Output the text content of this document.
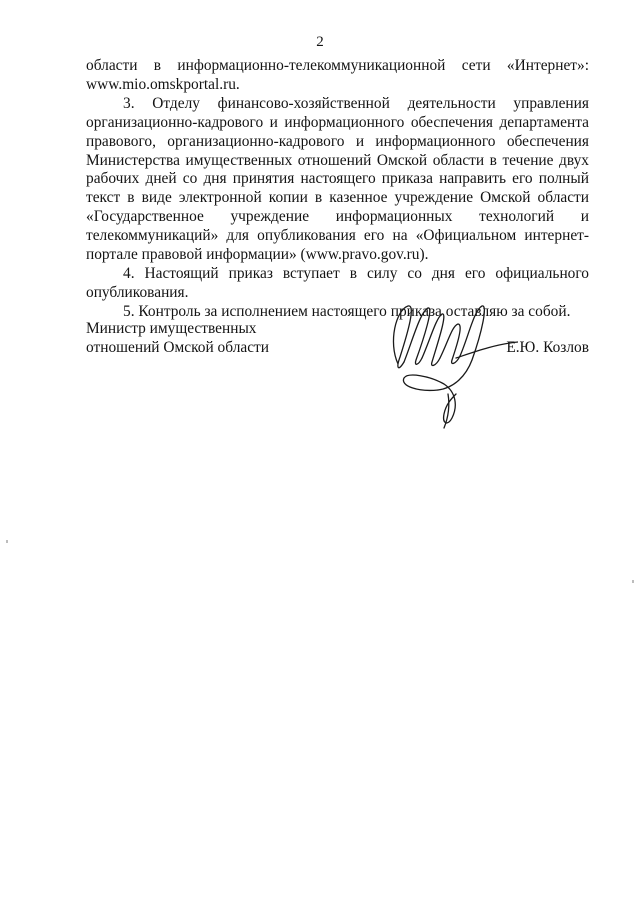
2

области в информационно-телекоммуникационной сети «Интернет»: www.mio.omskportal.ru.

3. Отделу финансово-хозяйственной деятельности управления организационно-кадрового и информационного обеспечения департамента правового, организационно-кадрового и информационного обеспечения Министерства имущественных отношений Омской области в течение двух рабочих дней со дня принятия настоящего приказа направить его полный текст в виде электронной копии в казенное учреждение Омской области «Государственное учреждение информационных технологий и телекоммуникаций» для опубликования его на «Официальном интернет- портале правовой информации» (www.pravo.gov.ru).

4. Настоящий приказ вступает в силу со дня его официального опубликования.

5. Контроль за исполнением настоящего приказа оставляю за собой.

Министр имущественных
отношений Омской области	Е.Ю. Козлов
